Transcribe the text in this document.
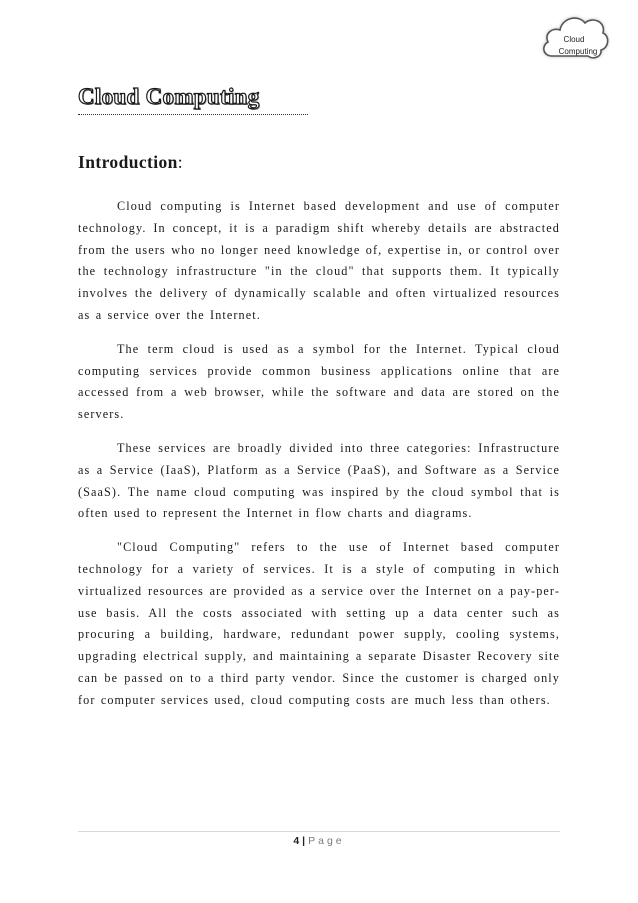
Cloud
Computing
Cloud Computing
Introduction:

Cloud computing is Internet based development and use of computer technology. In concept, it is a paradigm shift whereby details are abstracted from the users who no longer need knowledge of, expertise in, or control over the technology infrastructure "in the cloud" that supports them. It typically involves the delivery of dynamically scalable and often virtualized resources as a service over the Internet.

The term cloud is used as a symbol for the Internet. Typical cloud computing services provide common business applications online that are accessed from a web browser, while the software and data are stored on the servers.

These services are broadly divided into three categories: Infrastructure as a Service (IaaS), Platform as a Service (PaaS), and Software as a Service (SaaS). The name cloud computing was inspired by the cloud symbol that is often used to represent the Internet in flow charts and diagrams.

"Cloud Computing" refers to the use of Internet based computer technology for a variety of services. It is a style of computing in which virtualized resources are provided as a service over the Internet on a pay-per-use basis. All the costs associated with setting up a data center such as procuring a building, hardware, redundant power supply, cooling systems, upgrading electrical supply, and maintaining a separate Disaster Recovery site can be passed on to a third party vendor. Since the customer is charged only for computer services used, cloud computing costs are much less than others.

4 | Page
